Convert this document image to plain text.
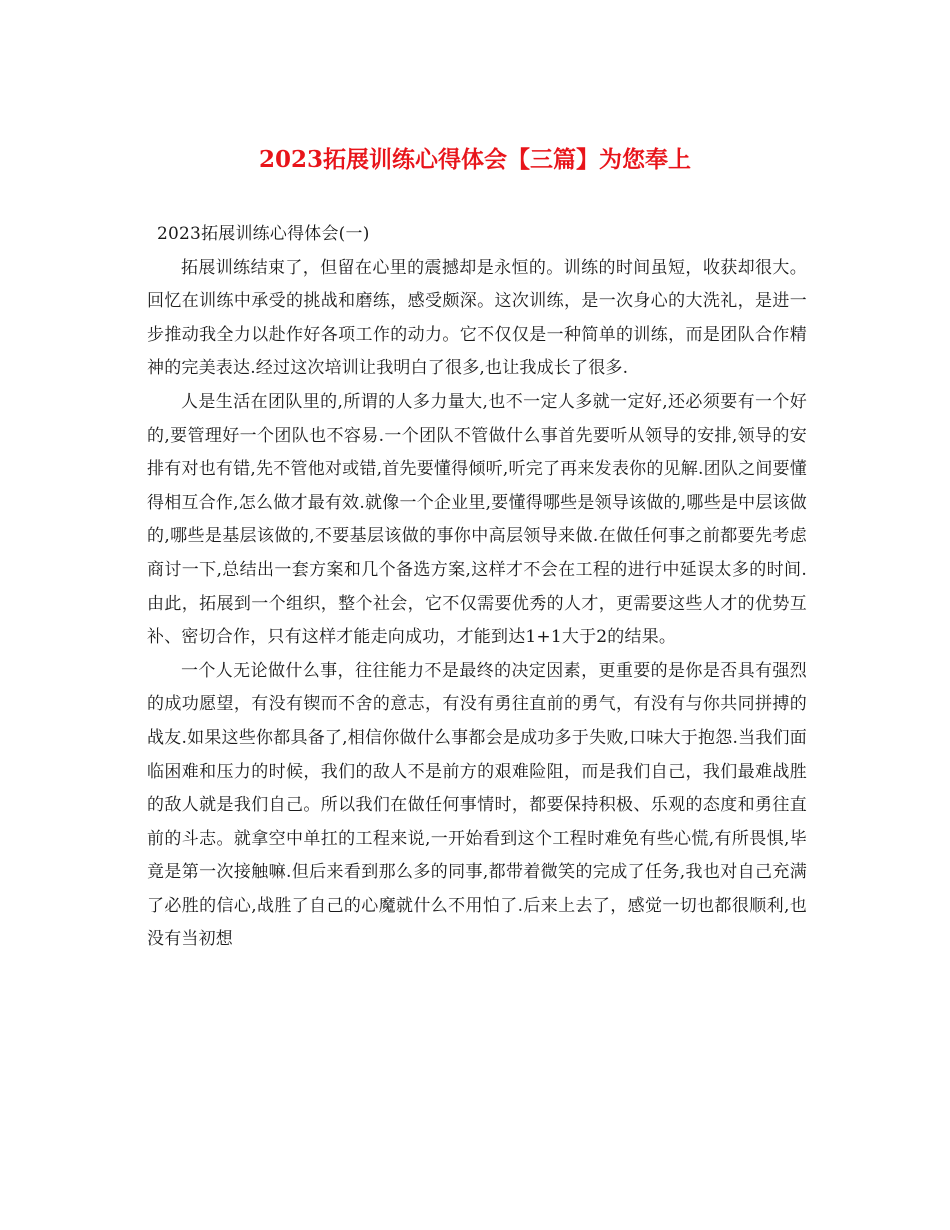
2023拓展训练心得体会【三篇】为您奉上

2023拓展训练心得体会(一)

拓展训练结束了，但留在心里的震撼却是永恒的。训练的时间虽短，收获却很大。回忆在训练中承受的挑战和磨练，感受颇深。这次训练，是一次身心的大洗礼，是进一步推动我全力以赴作好各项工作的动力。它不仅仅是一种简单的训练，而是团队合作精神的完美表达.经过这次培训让我明白了很多,也让我成长了很多.

人是生活在团队里的,所谓的人多力量大,也不一定人多就一定好,还必须要有一个好的,要管理好一个团队也不容易.一个团队不管做什么事首先要听从领导的安排,领导的安排有对也有错,先不管他对或错,首先要懂得倾听,听完了再来发表你的见解.团队之间要懂得相互合作,怎么做才最有效.就像一个企业里,要懂得哪些是领导该做的,哪些是中层该做的,哪些是基层该做的,不要基层该做的事你中高层领导来做.在做任何事之前都要先考虑商讨一下,总结出一套方案和几个备选方案,这样才不会在工程的进行中延误太多的时间.由此，拓展到一个组织，整个社会，它不仅需要优秀的人才，更需要这些人才的优势互补、密切合作，只有这样才能走向成功，才能到达1+1大于2的结果。

一个人无论做什么事，往往能力不是最终的决定因素，更重要的是你是否具有强烈的成功愿望，有没有锲而不舍的意志，有没有勇往直前的勇气，有没有与你共同拼搏的战友.如果这些你都具备了,相信你做什么事都会是成功多于失败,口味大于抱怨.当我们面临困难和压力的时候，我们的敌人不是前方的艰难险阻，而是我们自己，我们最难战胜的敌人就是我们自己。所以我们在做任何事情时，都要保持积极、乐观的态度和勇往直前的斗志。就拿空中单扛的工程来说,一开始看到这个工程时难免有些心慌,有所畏惧,毕竟是第一次接触嘛.但后来看到那么多的同事,都带着微笑的完成了任务,我也对自己充满了必胜的信心,战胜了自己的心魔就什么不用怕了.后来上去了，感觉一切也都很顺利,也没有当初想
